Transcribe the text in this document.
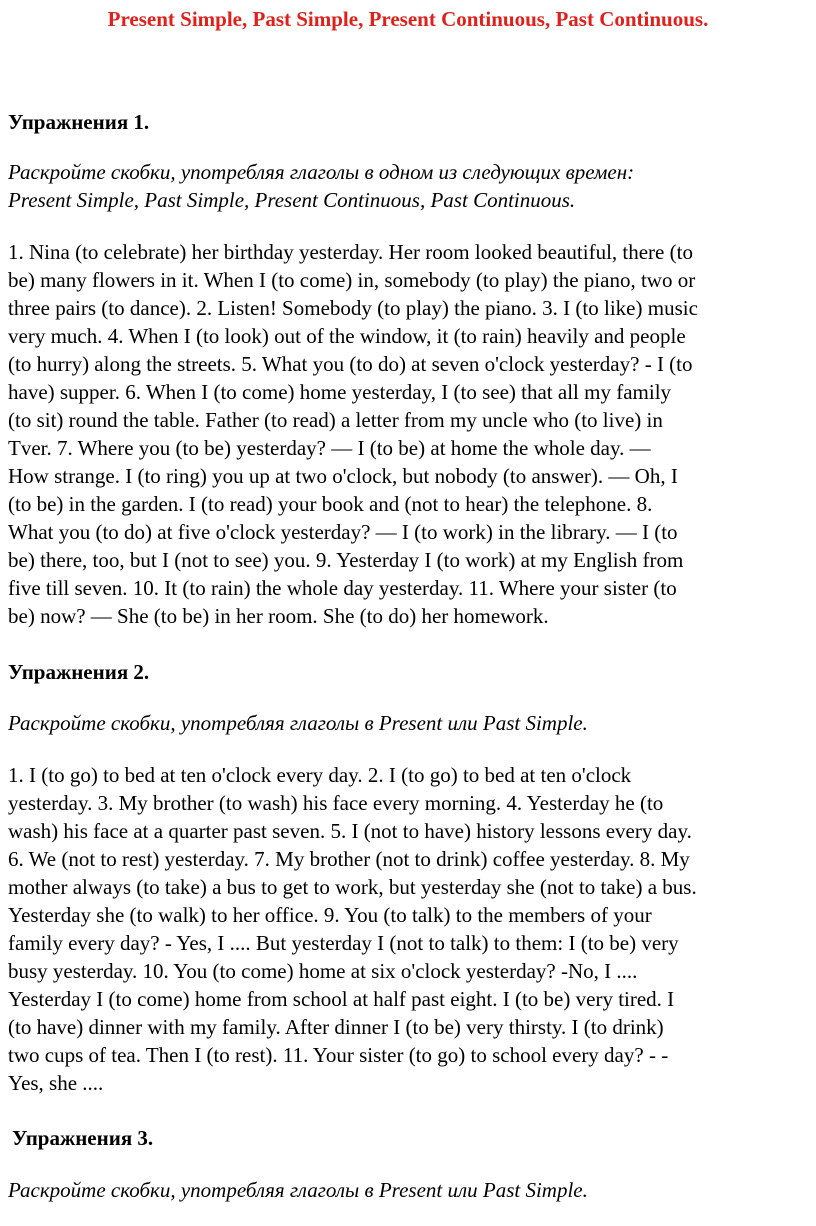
Present Simple, Past Simple, Present Continuous, Past Continuous.
Упражнения 1.
Раскройте скобки, употребляя глаголы в одном из следующих времен:
Present Simple, Past Simple, Present Continuous, Past Continuous.
1. Nina (to celebrate) her birthday yesterday. Her room looked beautiful, there (to
be) many flowers in it. When I (to come) in, somebody (to play) the piano, two or
three pairs (to dance). 2. Listen! Somebody (to play) the piano. 3. I (to like) music
very much. 4. When I (to look) out of the window, it (to rain) heavily and people
(to hurry) along the streets. 5. What you (to do) at seven o'clock yesterday? - I (to
have) supper. 6. When I (to come) home yesterday, I (to see) that all my family
(to sit) round the table. Father (to read) a letter from my uncle who (to live) in
Tver. 7. Where you (to be) yesterday? — I (to be) at home the whole day. —
How strange. I (to ring) you up at two o'clock, but nobody (to answer). — Oh, I
(to be) in the garden. I (to read) your book and (not to hear) the telephone. 8.
What you (to do) at five o'clock yesterday? — I (to work) in the library. — I (to
be) there, too, but I (not to see) you. 9. Yesterday I (to work) at my English from
five till seven. 10. It (to rain) the whole day yesterday. 11. Where your sister (to
be) now? — She (to be) in her room. She (to do) her homework.
Упражнения 2.
Раскройте скобки, употребляя глаголы в Present или Past Simple.
1. I (to go) to bed at ten o'clock every day. 2. I (to go) to bed at ten o'clock
yesterday. 3. My brother (to wash) his face every morning. 4. Yesterday he (to
wash) his face at a quarter past seven. 5. I (not to have) history lessons every day.
6. We (not to rest) yesterday. 7. My brother (not to drink) coffee yesterday. 8. My
mother always (to take) a bus to get to work, but yesterday she (not to take) a bus.
Yesterday she (to walk) to her office. 9. You (to talk) to the members of your
family every day? - Yes, I .... But yesterday I (not to talk) to them: I (to be) very
busy yesterday. 10. You (to come) home at six o'clock yesterday? -No, I ....
Yesterday I (to come) home from school at half past eight. I (to be) very tired. I
(to have) dinner with my family. After dinner I (to be) very thirsty. I (to drink)
two cups of tea. Then I (to rest). 11. Your sister (to go) to school every day? - -
Yes, she ....
Упражнения 3.
Раскройте скобки, употребляя глаголы в Present или Past Simple.
